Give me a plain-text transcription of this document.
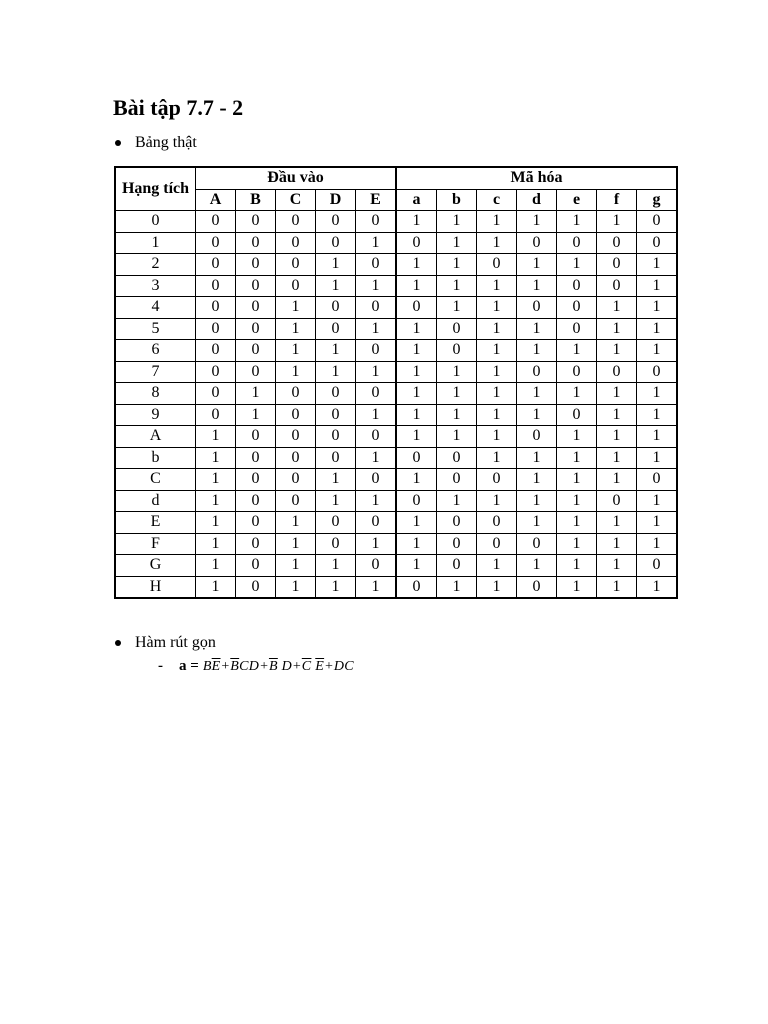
Bài tập 7.7 - 2
Bảng thật
Hạng tích	Đầu vào					Mã hóa						
	A	B	C	D	E	a	b	c	d	e	f	g
0	0	0	0	0	0	1	1	1	1	1	1	0
1	0	0	0	0	1	0	1	1	0	0	0	0
2	0	0	0	1	0	1	1	0	1	1	0	1
3	0	0	0	1	1	1	1	1	1	0	0	1
4	0	0	1	0	0	0	1	1	0	0	1	1
5	0	0	1	0	1	1	0	1	1	0	1	1
6	0	0	1	1	0	1	0	1	1	1	1	1
7	0	0	1	1	1	1	1	1	0	0	0	0
8	0	1	0	0	0	1	1	1	1	1	1	1
9	0	1	0	0	1	1	1	1	1	0	1	1
A	1	0	0	0	0	1	1	1	0	1	1	1
b	1	0	0	0	1	0	0	1	1	1	1	1
C	1	0	0	1	0	1	0	0	1	1	1	0
d	1	0	0	1	1	0	1	1	1	1	0	1
E	1	0	1	0	0	1	0	0	1	1	1	1
F	1	0	1	0	1	1	0	0	0	1	1	1
G	1	0	1	1	0	1	0	1	1	1	1	0
H	1	0	1	1	1	0	1	1	0	1	1	1
Hàm rút gọn
- $a = B\overline{E}+\overline{B}CD+\overline{B}$ $D+\overline{C}$ $\overline{E}+DC$
